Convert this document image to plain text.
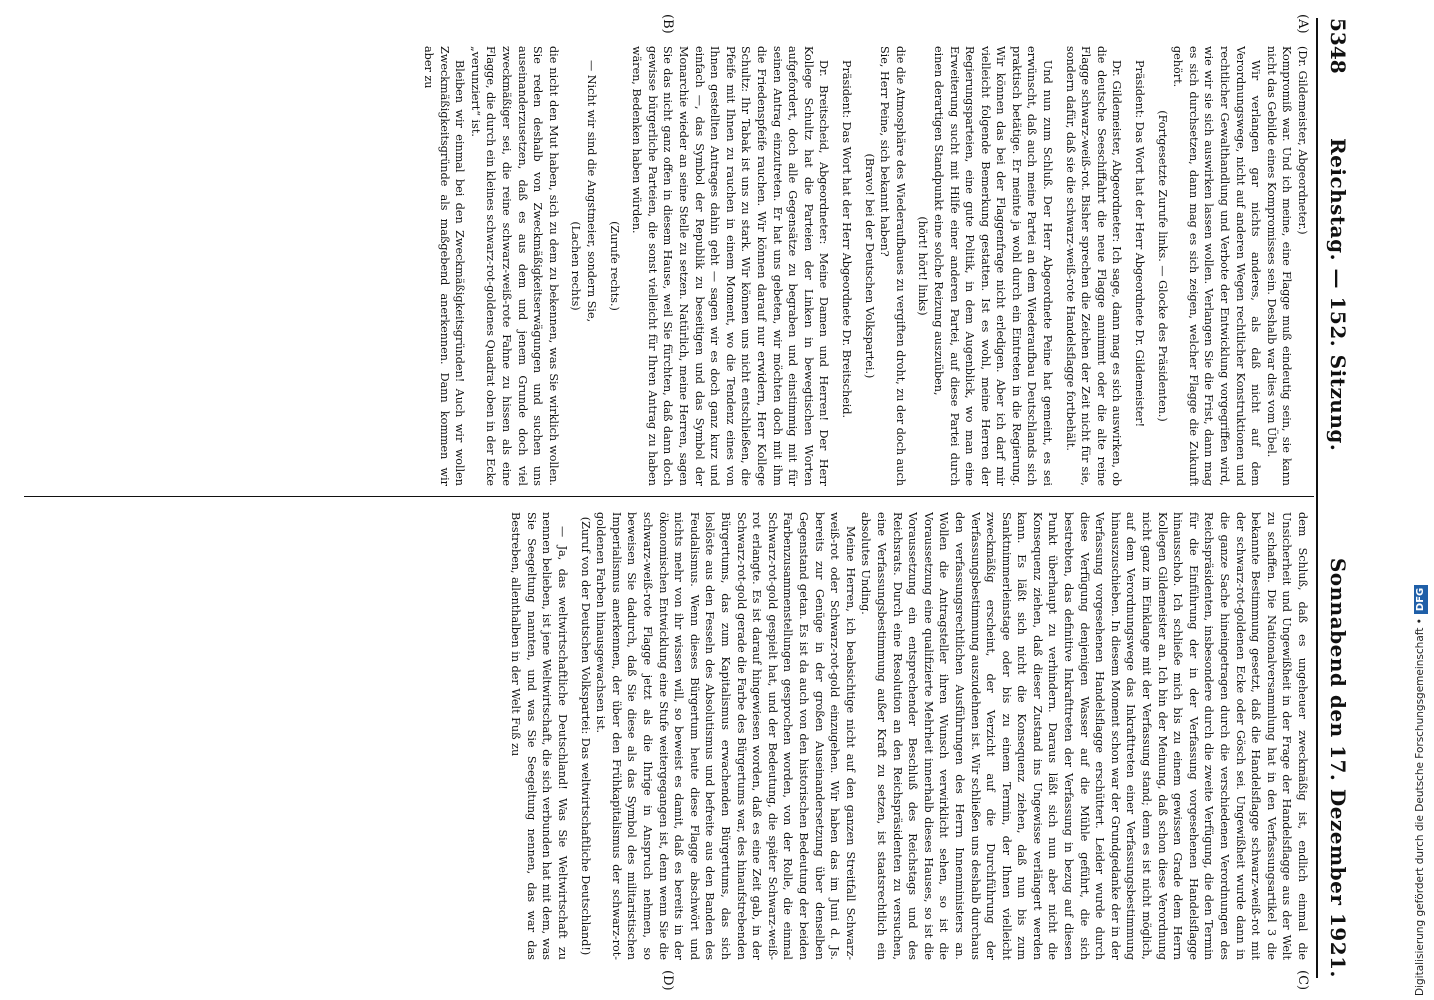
5348
Reichstag. — 152. Sitzung.
Sonnabend den 17. Dezember 1921.
(A)
(B)
(C)
(D)

(Dr. Gildemeister, Abgeordneter.)

Kompromiß war. Und ich meine, eine Flagge muß eindeutig sein, sie kann nicht das Gebilde eines Kompromisses sein. Deshalb war dies vom Übel.

Wir verlangen gar nichts anderes, als daß nicht auf dem Verordnungswege, nicht auf anderen Wegen rechtlicher Konstruktionen und rechtlicher Gewalthandlung und Verbote der Entwicklung vorgegriffen wird, wie wir sie sich auswirken lassen wollen. Verlangen Sie die Frist, dann mag es sich durchsetzen, dann mag es sich zeigen, welcher Flagge die Zukunft gehört.

(Fortgesetzte Zurufe links. — Glocke des Präsidenten.)

Präsident: Das Wort hat der Herr Abgeordnete Dr. Gildemeister!

Dr. Gildemeister, Abgeordneter: Ich sage, dann mag es sich auswirken, ob die deutsche Seeschiffahrt die neue Flagge annimmt oder die alte reine Flagge schwarz-weiß-rot. Bisher sprechen die Zeichen der Zeit nicht für sie, sondern dafür, daß sie die schwarz-weiß-rote Handelsflagge fortbehält.

Und nun zum Schluß. Der Herr Abgeordnete Peine hat gemeint, es sei erwünscht, daß auch meine Partei an dem Wiederaufbau Deutschlands sich praktisch betätige. Er meinte ja wohl durch ein Eintreten in die Regierung. Wir können das bei der Flaggenfrage nicht erledigen. Aber ich darf mir vielleicht folgende Bemerkung gestatten. Ist es wohl, meine Herren der Regierungsparteien, eine gute Politik, in dem Augenblick, wo man eine Erweiterung sucht mit Hilfe einer anderen Partei, auf diese Partei durch einen derartigen Standpunkt eine solche Reizung auszuüben,

(hört! hört! links)

die die Atmosphäre des Wiederaufbaues zu vergiften droht, zu der doch auch Sie, Herr Peine, sich bekannt haben?

(Bravo! bei der Deutschen Volkspartei.)

Präsident: Das Wort hat der Herr Abgeordnete Dr. Breitscheid.

Dr. Breitscheid, Abgeordneter: Meine Damen und Herren! Der Herr Kollege Schultz hat die Parteien der Linken in bewegtischen Worten aufgefordert, doch alle Gegensätze zu begraben und einstimmig mit für seinen Antrag einzutreten. Er hat uns gebeten, wir möchten doch mit ihm die Friedenspfeife rauchen. Wir können darauf nur erwidern, Herr Kollege Schultz: Ihr Tabak ist uns zu stark. Wir können uns nicht entschließen, die Pfeife mit Ihnen zu rauchen in einem Moment, wo die Tendenz eines von Ihnen gestellten Antrages dahin geht — sagen wir es doch ganz kurz und einfach —, das Symbol der Republik zu beseitigen und das Symbol der Monarchie wieder an seine Stelle zu setzen. Natürlich, meine Herren, sagen Sie das nicht ganz offen in diesem Hause, weil Sie fürchten, daß dann doch gewisse bürgerliche Parteien, die sonst vielleicht für Ihren Antrag zu haben wären, Bedenken haben würden.

(Zurufe rechts.)

— Nicht wir sind die Angstmeier, sondern Sie,

(Lachen rechts)

die nicht den Mut haben, sich zu dem zu bekennen, was Sie wirklich wollen. Sie reden deshalb von Zweckmäßigkeitserwägungen und suchen uns auseinanderzusetzen, daß es aus dem und jenem Grunde doch viel zweckmäßiger sei, die reine schwarz-weiß-rote Fahne zu hissen als eine Flagge, die durch ein kleines schwarz-rot-goldenes Quadrat oben in der Ecke „verunziert“ ist.

Bleiben wir einmal bei den Zweckmäßigkeitsgründen! Auch wir wollen Zweckmäßigkeitsgründe als maßgebend anerkennen. Dann kommen wir aber zu

dem Schluß, daß es ungeheuer zweckmäßig ist, endlich einmal die Unsicherheit und Ungewißheit in der Frage der Handelsflagge aus der Welt zu schaffen. Die Nationalversammlung hat in den Verfassungsartikel 3 die bekannte Bestimmung gesetzt, daß die Handelsflagge schwarz-weiß-rot mit der schwarz-rot-goldenen Ecke oder Gösch sei. Ungewißheit wurde dann in die ganze Sache hineingetragen durch die verschiedenen Verordnungen des Reichspräsidenten, insbesondere durch die zweite Verfügung, die den Termin für die Einführung der in der Verfassung vorgesehenen Handelsflagge hinausschob. Ich schließe mich bis zu einem gewissen Grade dem Herrn Kollegen Gildemeister an. Ich bin der Meinung, daß schon diese Verordnung nicht ganz im Einklange mit der Verfassung stand; denn es ist nicht möglich, auf dem Verordnungswege das Inkrafttreten einer Verfassungsbestimmung hinauszuschieben. In diesem Moment schon war der Grundgedanke der in der Verfassung vorgesehenen Handelsflagge erschüttert. Leider wurde durch diese Verfügung denjenigen Wasser auf die Mühle geführt, die sich bestrebten, das definitive Inkrafttreten der Verfassung in bezug auf diesen Punkt überhaupt zu verhindern. Daraus läßt sich nun aber nicht die Konsequenz ziehen, daß dieser Zustand ins Ungewisse verlängert werden kann. Es läßt sich nicht die Konsequenz ziehen, daß nun bis zum Sanktnimmerleinstage oder bis zu einem Termin, der Ihnen vielleicht zweckmäßig erscheint, der Verzicht auf die Durchführung der Verfassungsbestimmung auszudehnen ist. Wir schließen uns deshalb durchaus den verfassungsrechtlichen Ausführungen des Herrn Innenministers an. Wollen die Antragsteller ihren Wunsch verwirklicht sehen, so ist die Voraussetzung eine qualifizierte Mehrheit innerhalb dieses Hauses, so ist die Voraussetzung ein entsprechender Beschluß des Reichstags und des Reichsrats. Durch eine Resolution an den Reichspräsidenten zu versuchen, eine Verfassungsbestimmung außer Kraft zu setzen, ist staatsrechtlich ein absolutes Unding.

Meine Herren, ich beabsichtige nicht auf den ganzen Streitfall Schwarz-weiß-rot oder Schwarz-rot-gold einzugehen. Wir haben das im Juni d. Js. bereits zur Genüge in der großen Auseinandersetzung über denselben Gegenstand getan. Es ist da auch von den historischen Bedeutung der beiden Farbenzusammenstellungen gesprochen worden, von der Rolle, die einmal Schwarz-rot-gold gespielt hat, und der Bedeutung, die später Schwarz-weiß-rot erlangte. Es ist darauf hingewiesen worden, daß es eine Zeit gab, in der Schwarz-rot-gold gerade die Farbe des Bürgertums war, des hinaufstrebenden Bürgertums, das zum Kapitalismus erwachenden Bürgertums, das sich loslöste aus den Fesseln des Absolutismus und befreite aus den Banden des Feudalismus. Wenn dieses Bürgertum heute diese Flagge abschwört und nichts mehr von ihr wissen will, so beweist es damit, daß es bereits in der ökonomischen Entwicklung eine Stufe weitergegangen ist, denn wenn Sie die schwarz-weiß-rote Flagge jetzt als die Ihrige in Anspruch nehmen, so beweisen Sie dadurch, daß Sie diese als das Symbol des militaristischen Imperialismus anerkennen, der über den Frühkapitalismus der schwarz-rot-goldenen Farben hinausgewachsen ist.

(Zuruf von der Deutschen Volkspartei: Das weltwirtschaftliche Deutschland!)

— Ja, das weltwirtschaftliche Deutschland! Was Sie Weltwirtschaft zu nennen belieben, ist jene Weltwirtschaft, die sich verbunden hat mit dem, was Sie Seegeltung nannten, und was Sie Seegeltung nennen, das war das Bestreben, allenthalben in der Welt Fuß zu	Digitalisierung gefördert durch die Deutsche Forschungsgemeinschaft •DFG
